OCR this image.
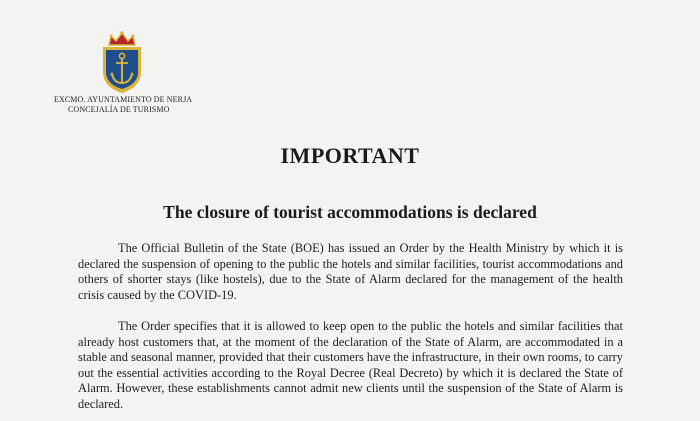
EXCMO. AYUNTAMIENTO DE NERJA
CONCEJALÍA DE TURISMO
IMPORTANT
The closure of tourist accommodations is declared

The Official Bulletin of the State (BOE) has issued an Order by the Health Ministry by which it is declared the suspension of opening to the public the hotels and similar facilities, tourist accommodations and others of shorter stays (like hostels), due to the State of Alarm declared for the management of the health crisis caused by the COVID-19.

The Order specifies that it is allowed to keep open to the public the hotels and similar facilities that already host customers that, at the moment of the declaration of the State of Alarm, are accommodated in a stable and seasonal manner, provided that their customers have the infrastructure, in their own rooms, to carry out the essential activities according to the Royal Decree (Real Decreto) by which it is declared the State of Alarm. However, these establishments cannot admit new clients until the suspension of the State of Alarm is declared.
